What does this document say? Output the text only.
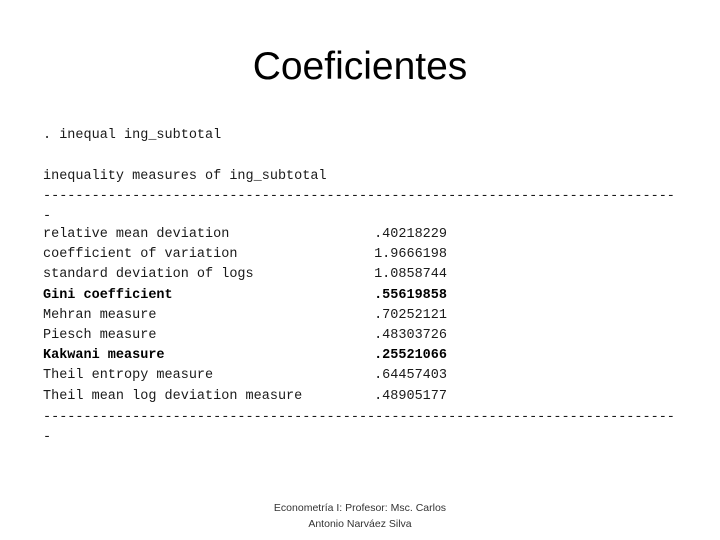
Coeficientes
. inequal ing_subtotal
inequality measures of ing_subtotal
-------------------------------------------------------------------------------
relative mean deviation	.40218229
coefficient of variation	1.9666198
standard deviation of logs	1.0858744
Gini coefficient	.55619858
Mehran measure	.70252121
Piesch measure	.48303726
Kakwani measure	.25521066
Theil entropy measure	.64457403
Theil mean log deviation measure	.48905177
-------------------------------------------------------------------------------
Econometría I: Profesor: Msc. Carlos
Antonio Narváez Silva
